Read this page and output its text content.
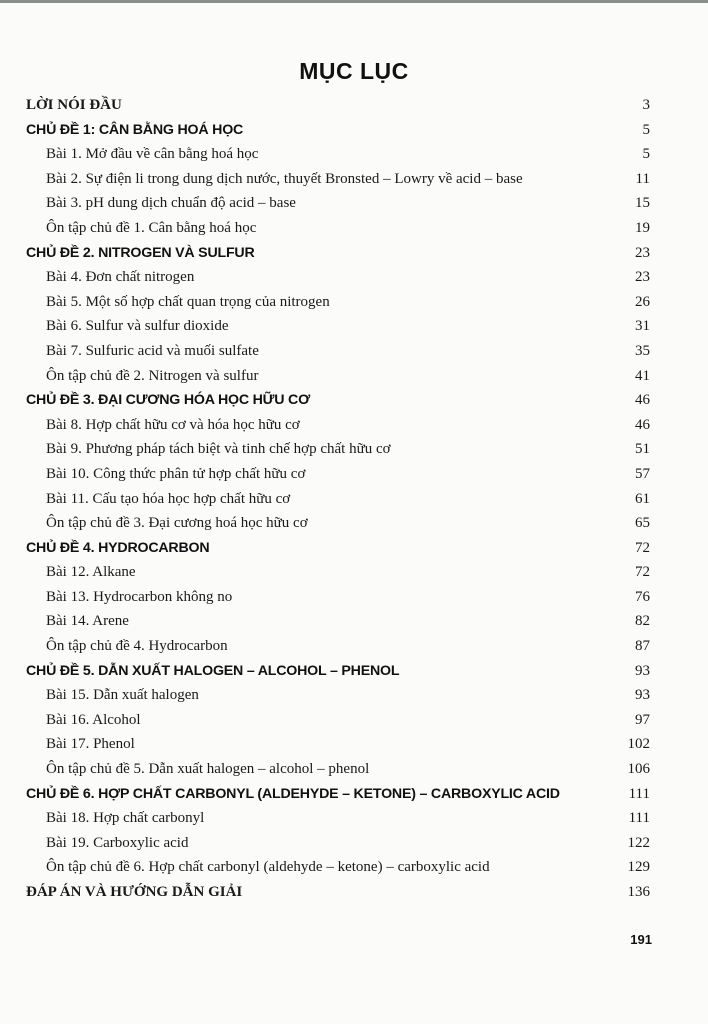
MỤC LỤC
LỜI NÓI ĐẦU	3
CHỦ ĐỀ 1: CÂN BẰNG HOÁ HỌC	5
Bài 1. Mở đầu về cân bằng hoá học	5
Bài 2. Sự điện li trong dung dịch nước, thuyết Bronsted – Lowry về acid – base	11
Bài 3. pH dung dịch chuẩn độ acid – base	15
Ôn tập chủ đề 1. Cân bằng hoá học	19
CHỦ ĐỀ 2. NITROGEN VÀ SULFUR	23
Bài 4. Đơn chất nitrogen	23
Bài 5. Một số hợp chất quan trọng của nitrogen	26
Bài 6. Sulfur và sulfur dioxide	31
Bài 7. Sulfuric acid và muối sulfate	35
Ôn tập chủ đề 2. Nitrogen và sulfur	41
CHỦ ĐỀ 3. ĐẠI CƯƠNG HÓA HỌC HỮU CƠ	46
Bài 8. Hợp chất hữu cơ và hóa học hữu cơ	46
Bài 9. Phương pháp tách biệt và tinh chế hợp chất hữu cơ	51
Bài 10. Công thức phân tử hợp chất hữu cơ	57
Bài 11. Cấu tạo hóa học hợp chất hữu cơ	61
Ôn tập chủ đề 3. Đại cương hoá học hữu cơ	65
CHỦ ĐỀ 4. HYDROCARBON	72
Bài 12. Alkane	72
Bài 13. Hydrocarbon không no	76
Bài 14. Arene	82
Ôn tập chủ đề 4. Hydrocarbon	87
CHỦ ĐỀ 5. DẪN XUẤT HALOGEN – ALCOHOL – PHENOL	93
Bài 15. Dẫn xuất halogen	93
Bài 16. Alcohol	97
Bài 17. Phenol	102
Ôn tập chủ đề 5. Dẫn xuất halogen – alcohol – phenol	106
CHỦ ĐỀ 6. HỢP CHẤT CARBONYL (ALDEHYDE – KETONE) – CARBOXYLIC ACID	111
Bài 18. Hợp chất carbonyl	111
Bài 19. Carboxylic acid	122
Ôn tập chủ đề 6. Hợp chất carbonyl (aldehyde – ketone) – carboxylic acid	129
ĐÁP ÁN VÀ HƯỚNG DẪN GIẢI	136
191
